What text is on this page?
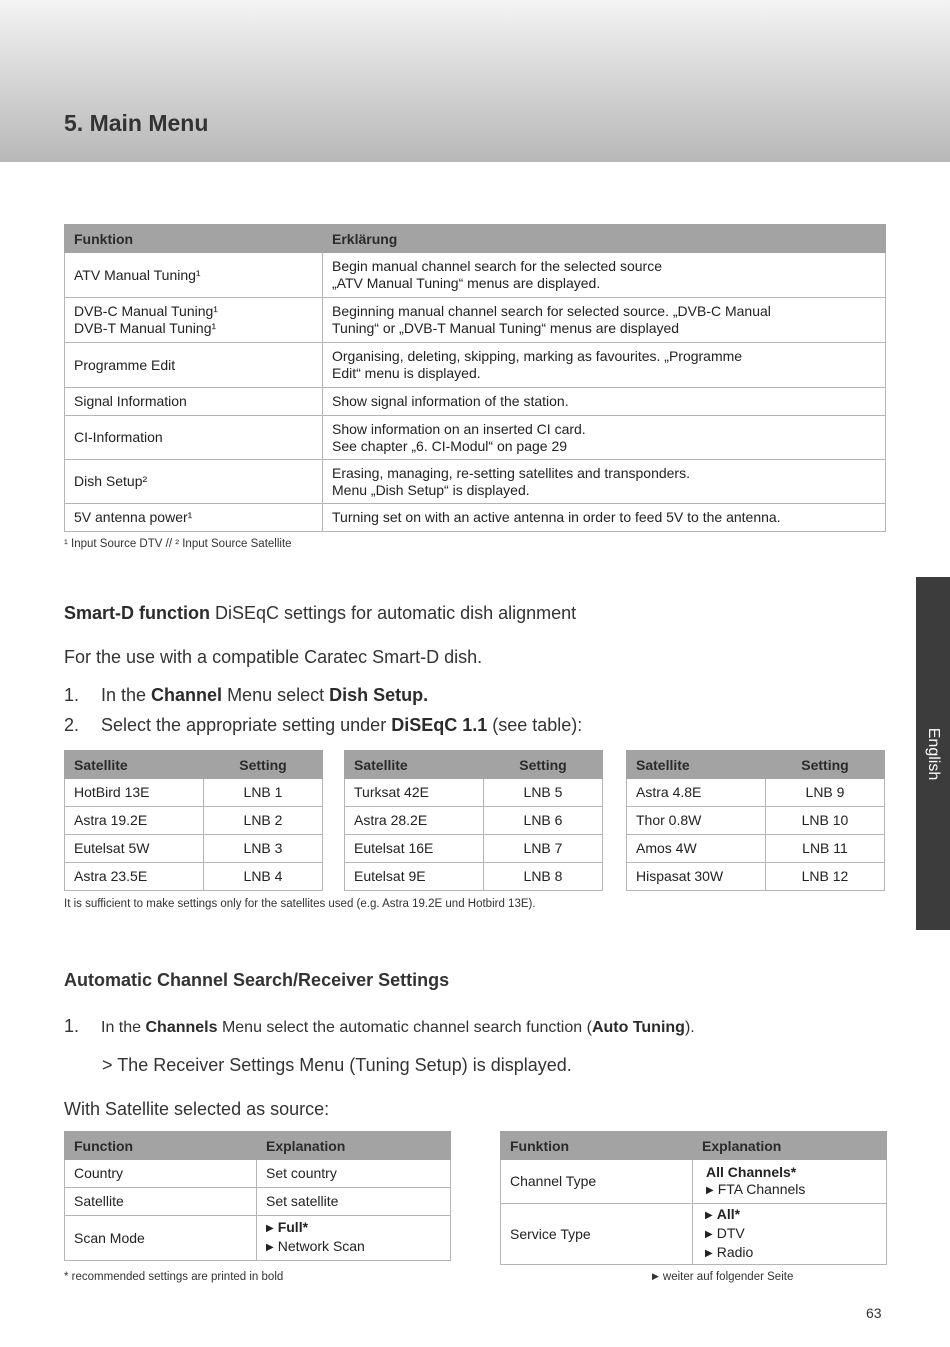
5. Main Menu
English
Funktion	Erklärung
ATV Manual Tuning¹	Begin manual channel search for the selected source
„ATV Manual Tuning“ menus are displayed.
DVB-C Manual Tuning¹
DVB-T Manual Tuning¹	Beginning manual channel search for selected source. „DVB-C Manual
Tuning“ or „DVB-T Manual Tuning“ menus are displayed
Programme Edit	Organising, deleting, skipping, marking as favourites. „Programme
Edit“ menu is displayed.
Signal Information	Show signal information of the station.
CI-Information	Show information on an inserted CI card.
See chapter „6. CI-Modul“ on page 29
Dish Setup²	Erasing, managing, re-setting satellites and transponders.
Menu „Dish Setup“ is displayed.
5V antenna power¹	Turning set on with an active antenna in order to feed 5V to the antenna.
¹ Input Source DTV // ² Input Source Satellite
Smart-D function DiSEqC settings for automatic dish alignment
For the use with a compatible Caratec Smart-D dish.
1. In the Channel Menu select Dish Setup.
2. Select the appropriate setting under DiSEqC 1.1 (see table):
Satellite	Setting
HotBird 13E	LNB 1
Astra 19.2E	LNB 2
Eutelsat 5W	LNB 3
Astra 23.5E	LNB 4
Satellite	Setting
Turksat 42E	LNB 5
Astra 28.2E	LNB 6
Eutelsat 16E	LNB 7
Eutelsat 9E	LNB 8
Satellite	Setting
Astra 4.8E	LNB 9
Thor 0.8W	LNB 10
Amos 4W	LNB 11
Hispasat 30W	LNB 12
It is sufficient to make settings only for the satellites used (e.g. Astra 19.2E und Hotbird 13E).
Automatic Channel Search/Receiver Settings
1. In the Channels Menu select the automatic channel search function (Auto Tuning).
> The Receiver Settings Menu (Tuning Setup) is displayed.
With Satellite selected as source:
Function	Explanation
Country	Set country
Satellite	Set satellite
Scan Mode	▶ Full*
▶ Network Scan
Funktion	Explanation
Channel Type	All Channels*
▶ FTA Channels
Service Type	▶ All*
▶ DTV
▶ Radio
* recommended settings are printed in bold	▶ weiter auf folgender Seite
63
